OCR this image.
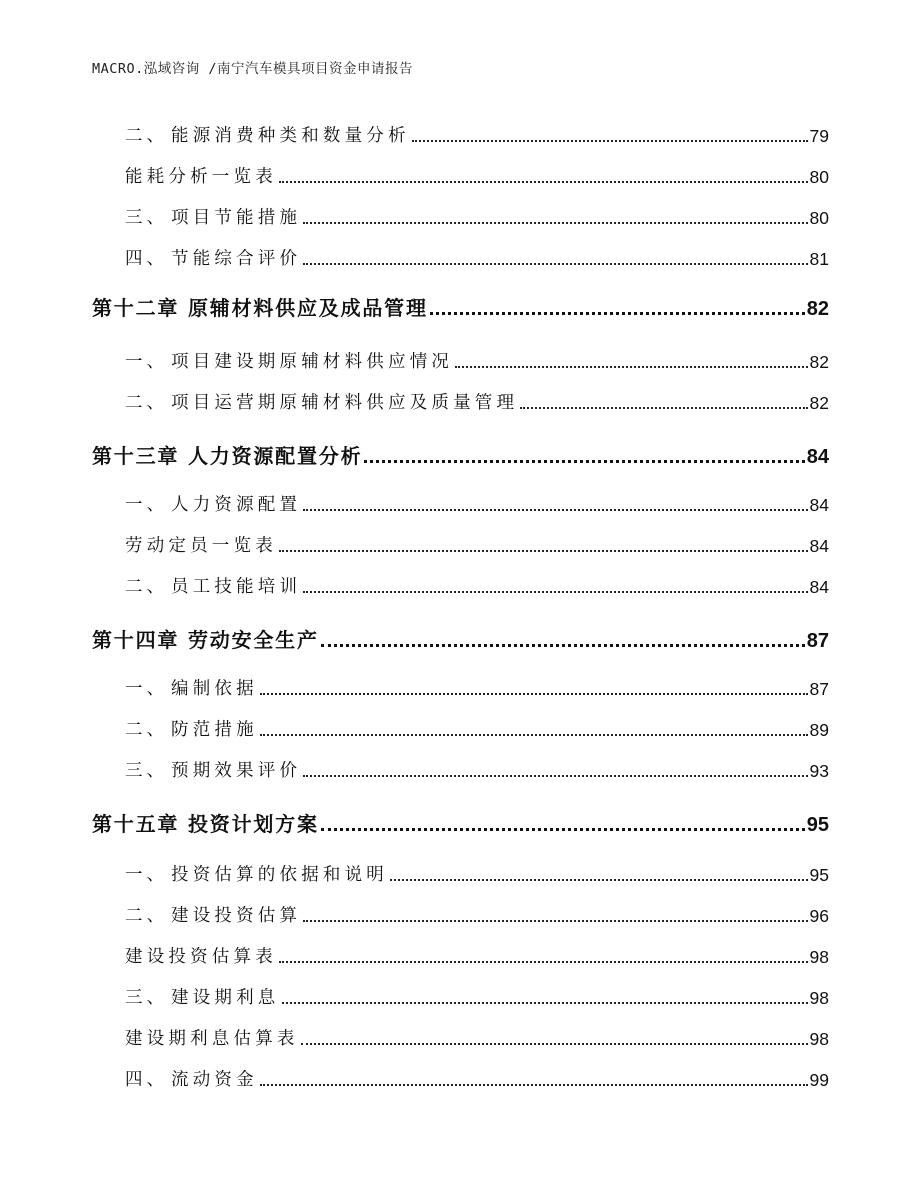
MACRO.泓域咨询 /南宁汽车模具项目资金申请报告
二、 能源消费种类和数量分析	79
能耗分析一览表	80
三、 项目节能措施	80
四、 节能综合评价	81
第十二章 原辅材料供应及成品管理	82
一、 项目建设期原辅材料供应情况	82
二、 项目运营期原辅材料供应及质量管理	82
第十三章 人力资源配置分析	84
一、 人力资源配置	84
劳动定员一览表	84
二、 员工技能培训	84
第十四章 劳动安全生产	87
一、 编制依据	87
二、 防范措施	89
三、 预期效果评价	93
第十五章 投资计划方案	95
一、 投资估算的依据和说明	95
二、 建设投资估算	96
建设投资估算表	98
三、 建设期利息	98
建设期利息估算表	98
四、 流动资金	99
